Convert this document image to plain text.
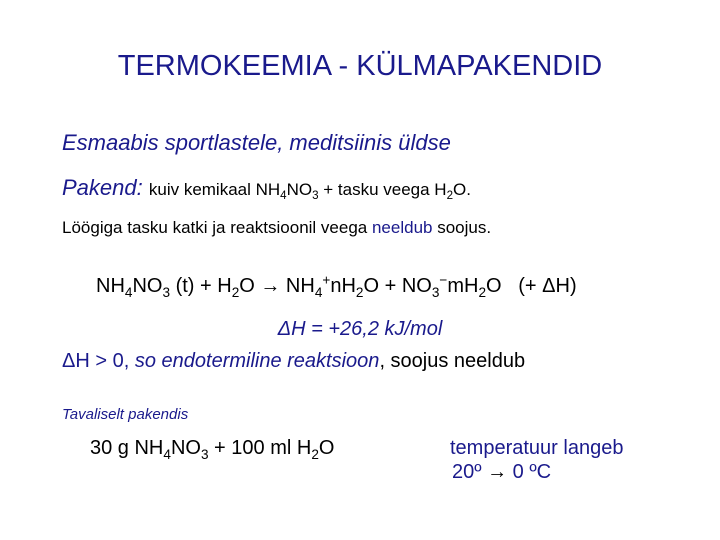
TERMOKEEMIA - KÜLMAPAKENDID
Esmaabis sportlastele, meditsiinis üldse
Pakend: kuiv kemikaal $NH_4NO_3$ + tasku veega $H_2O$.
Löögiga tasku katki ja reaktsioonil veega neeldub soojus.
$NH_4NO_3$ $(t) + H_2O \to NH_4^+nH_2O + NO_3^-mH_2O$   (+ ΔH)
ΔH = +26,2 kJ/mol
ΔH > 0, so endotermiline reaktsioon, soojus neeldub
Tavaliselt pakendis
30 g $NH_4NO_3 + 100$ ml $H_2O$	temperatuur langeb
20º → 0 ºC
